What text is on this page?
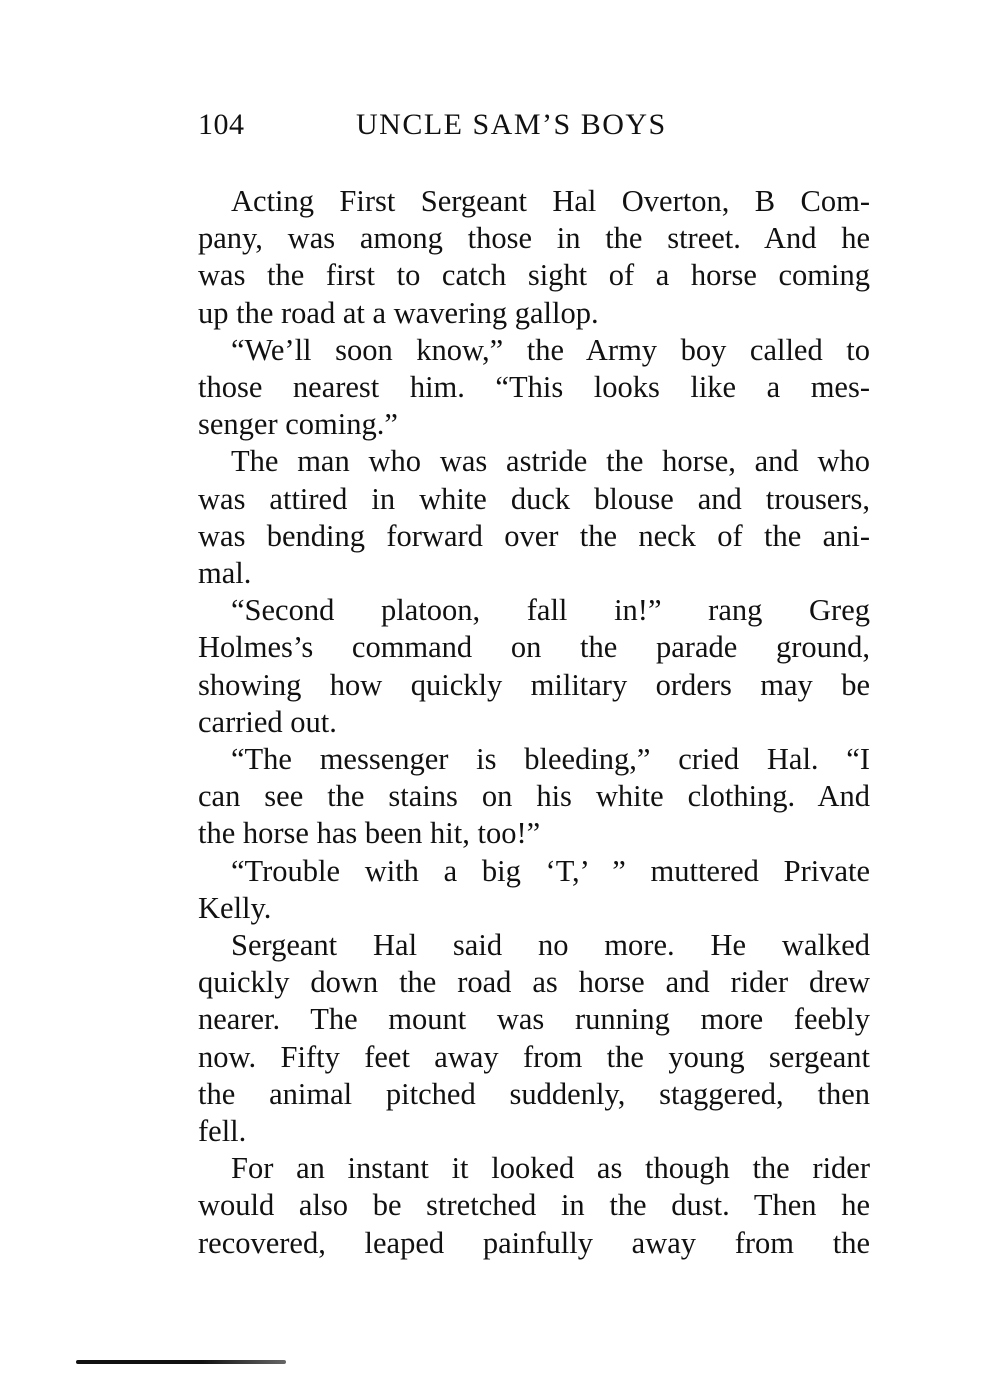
104	UNCLE SAM’S BOYS
Acting First Sergeant Hal Overton, B Com-
pany, was among those in the street. And he
was the first to catch sight of a horse coming
up the road at a wavering gallop.
“We’ll soon know,” the Army boy called to
those nearest him. “This looks like a mes-
senger coming.”
The man who was astride the horse, and who
was attired in white duck blouse and trousers,
was bending forward over the neck of the ani-
mal.
“Second platoon, fall in!” rang Greg
Holmes’s command on the parade ground,
showing how quickly military orders may be
carried out.
“The messenger is bleeding,” cried Hal. “I
can see the stains on his white clothing. And
the horse has been hit, too!”
“Trouble with a big ‘T,’ ” muttered Private
Kelly.
Sergeant Hal said no more. He walked
quickly down the road as horse and rider drew
nearer. The mount was running more feebly
now. Fifty feet away from the young sergeant
the animal pitched suddenly, staggered, then
fell.
For an instant it looked as though the rider
would also be stretched in the dust. Then he
recovered, leaped painfully away from the
